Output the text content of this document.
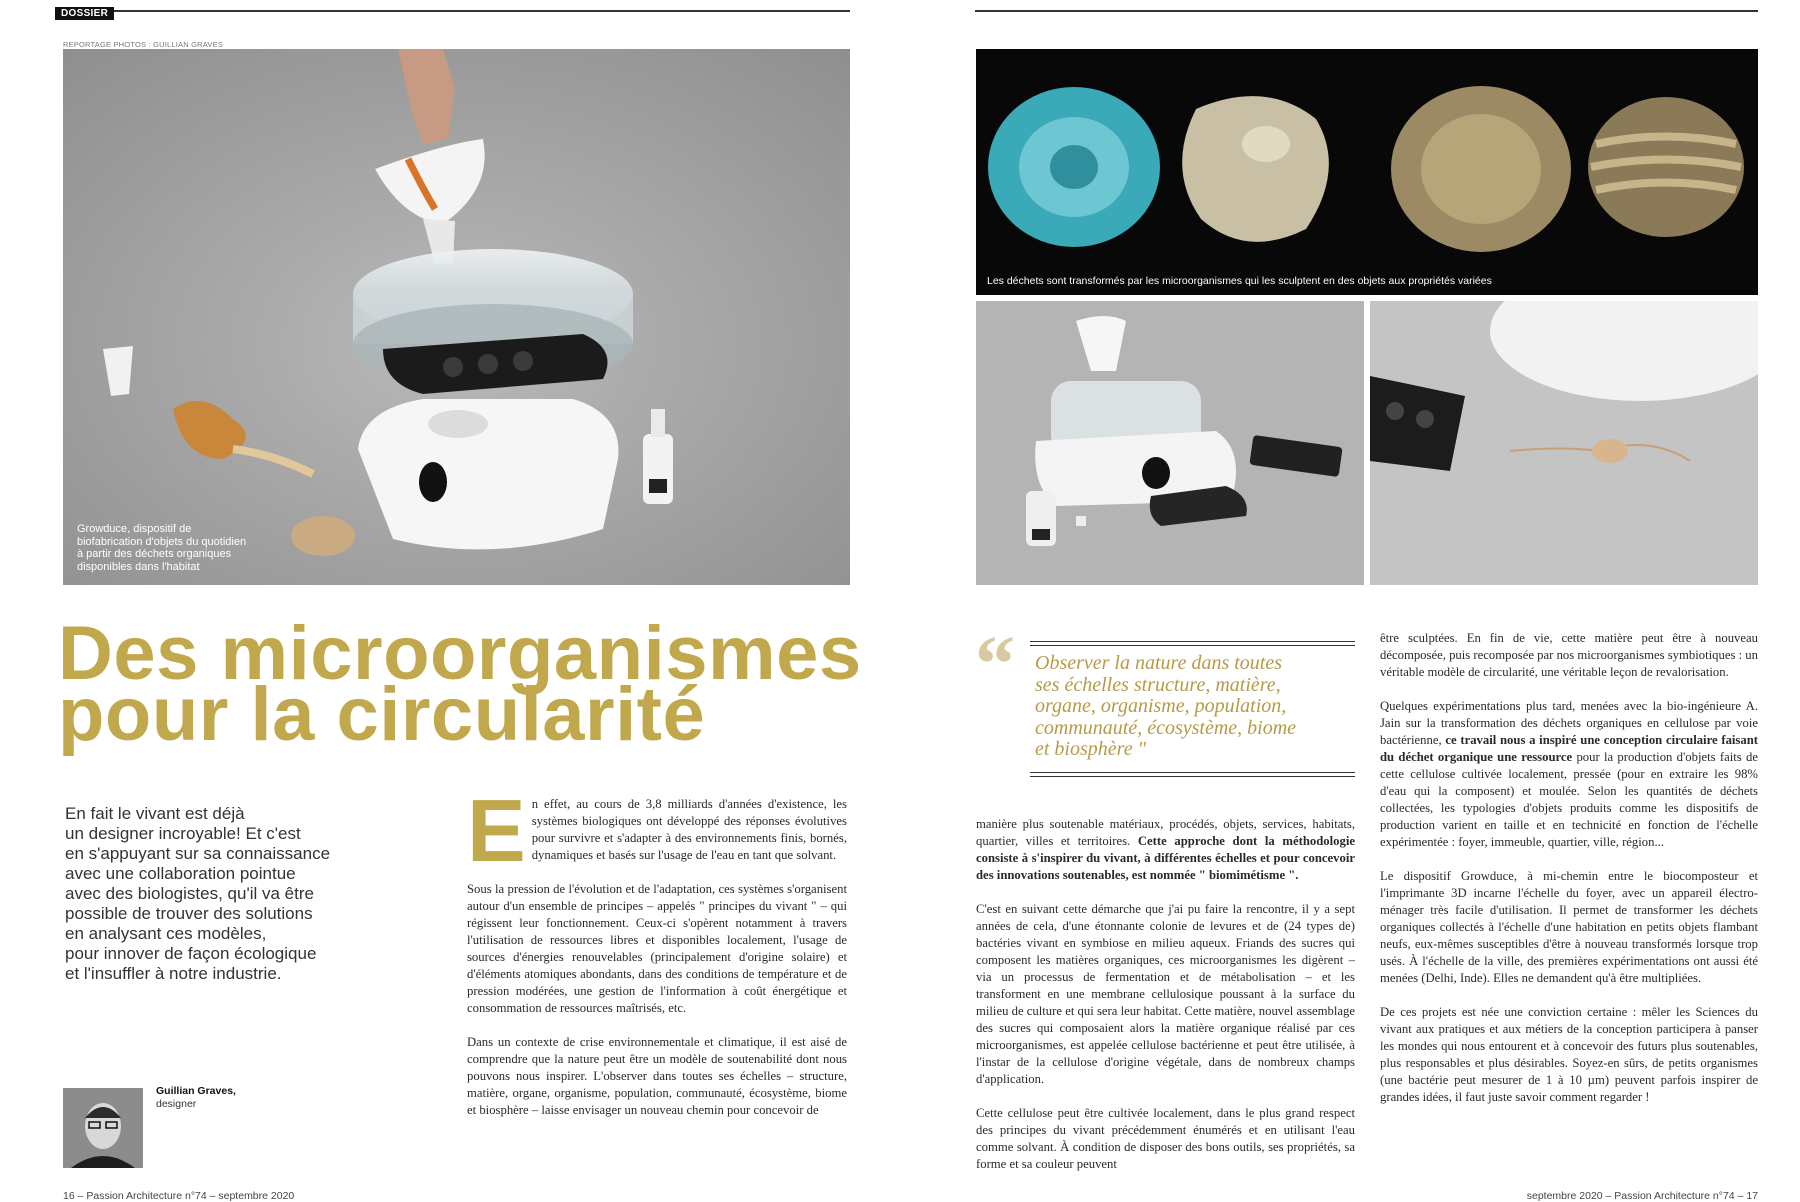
DOSSIER
REPORTAGE PHOTOS : GUILLIAN GRAVES
Growduce, dispositif de
biofabrication d'objets du quotidien
à partir des déchets organiques
disponibles dans l'habitat
Des microorganismes
pour la circularité
En fait le vivant est déjà
un designer incroyable! Et c'est
en s'appuyant sur sa connaissance
avec une collaboration pointue
avec des biologistes, qu'il va être
possible de trouver des solutions
en analysant ces modèles,
pour innover de façon écologique
et l'insuffler à notre industrie.
Guillian Graves,
designer

En effet, au cours de 3,8 milliards d'années d'existence, les systèmes biologiques ont développé des réponses évolutives pour survivre et s'adapter à des environnements finis, bornés, dynamiques et basés sur l'usage de l'eau en tant que solvant.

Sous la pression de l'évolution et de l'adaptation, ces systèmes s'organisent autour d'un ensemble de principes – appelés " principes du vivant " – qui régissent leur fonctionnement. Ceux-ci s'opèrent notamment à travers l'utilisation de ressources libres et disponibles localement, l'usage de sources d'énergies renouvelables (principalement d'origine solaire) et d'éléments atomiques abondants, dans des conditions de température et de pression modérées, une gestion de l'information à coût énergétique et consommation de ressources maîtrisés, etc.

Dans un contexte de crise environnementale et climatique, il est aisé de comprendre que la nature peut être un modèle de soutenabilité dont nous pouvons nous inspirer. L'observer dans toutes ses échelles – structure, matière, organe, organisme, population, communauté, écosystème, biome et biosphère – laisse envisager un nouveau chemin pour concevoir de

16 – Passion Architecture n°74 – septembre 2020
Les déchets sont transformés par les microorganismes qui les sculptent en des objets aux propriétés variées
“ Observer la nature dans toutes
ses échelles structure, matière,
organe, organisme, population,
communauté, écosystème, biome
et biosphère "

manière plus soutenable matériaux, procédés, objets, services, habitats, quartier, villes et territoires. Cette approche dont la méthodologie consiste à s'inspirer du vivant, à différentes échelles et pour concevoir des innovations soutenables, est nommée " biomimétisme ".

C'est en suivant cette démarche que j'ai pu faire la rencontre, il y a sept années de cela, d'une étonnante colonie de levures et de (24 types de) bactéries vivant en symbiose en milieu aqueux. Friands des sucres qui composent les matières organiques, ces microorganismes les digèrent – via un processus de fermentation et de métabolisation – et les transforment en une membrane cellulosique poussant à la surface du milieu de culture et qui sera leur habitat. Cette matière, nouvel assemblage des sucres qui composaient alors la matière organique réalisé par ces microorganismes, est appelée cellulose bactérienne et peut être utilisée, à l'instar de la cellulose d'origine végétale, dans de nombreux champs d'application.

Cette cellulose peut être cultivée localement, dans le plus grand respect des principes du vivant précédemment énumérés et en utilisant l'eau comme solvant. À condition de disposer des bons outils, ses propriétés, sa forme et sa couleur peuvent

être sculptées. En fin de vie, cette matière peut être à nouveau décomposée, puis recomposée par nos microorganismes symbiotiques : un véritable modèle de circularité, une véritable leçon de revalorisation.

Quelques expérimentations plus tard, menées avec la bio-ingénieure A. Jain sur la transformation des déchets organiques en cellulose par voie bactérienne, ce travail nous a inspiré une conception circulaire faisant du déchet organique une ressource pour la production d'objets faits de cette cellulose cultivée localement, pressée (pour en extraire les 98% d'eau qui la composent) et moulée. Selon les quantités de déchets collectées, les typologies d'objets produits comme les dispositifs de production varient en taille et en technicité en fonction de l'échelle expérimentée : foyer, immeuble, quartier, ville, région...

Le dispositif Growduce, à mi-chemin entre le biocomposteur et l'imprimante 3D incarne l'échelle du foyer, avec un appareil électro-ménager très facile d'utilisation. Il permet de transformer les déchets organiques collectés à l'échelle d'une habitation en petits objets flambant neufs, eux-mêmes susceptibles d'être à nouveau transformés lorsque trop usés. À l'échelle de la ville, des premières expérimentations ont aussi été menées (Delhi, Inde). Elles ne demandent qu'à être multipliées.

De ces projets est née une conviction certaine : mêler les Sciences du vivant aux pratiques et aux métiers de la conception participera à panser les mondes qui nous entourent et à concevoir des futurs plus soutenables, plus responsables et plus désirables. Soyez-en sûrs, de petits organismes (une bactérie peut mesurer de 1 à 10 µm) peuvent parfois inspirer de grandes idées, il faut juste savoir comment regarder !

septembre 2020 – Passion Architecture n°74 – 17
